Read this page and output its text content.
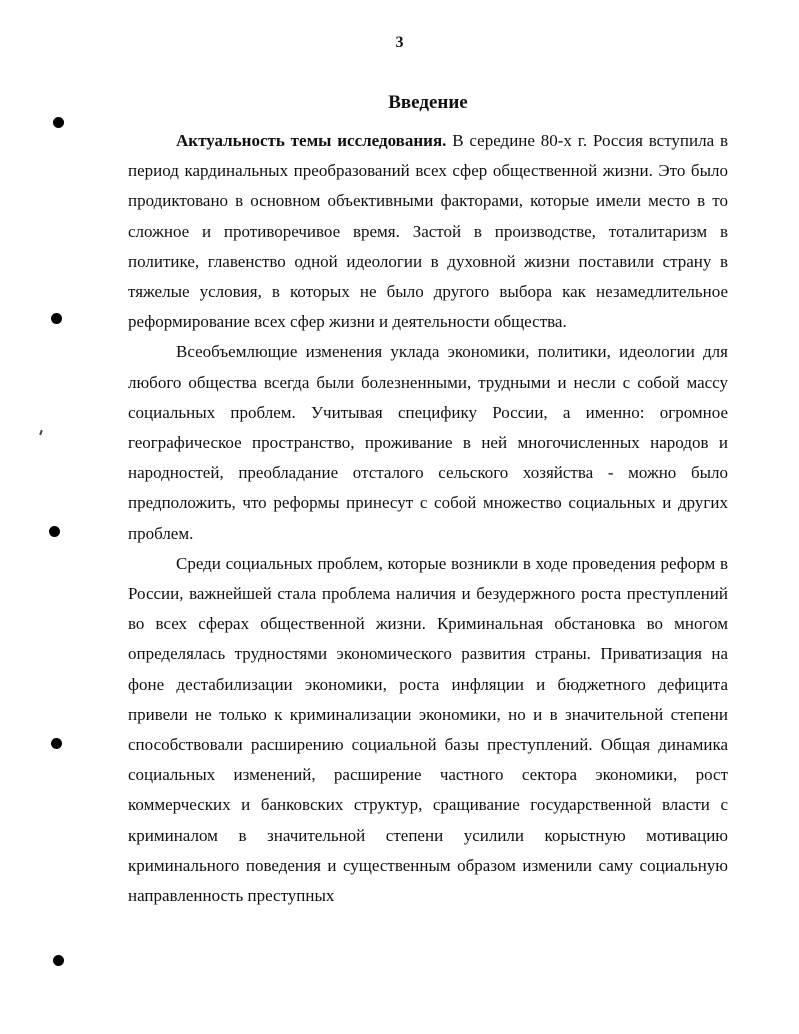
3
Введение

Актуальность темы исследования. В середине 80-х г. Россия вступила в период кардинальных преобразований всех сфер общественной жизни. Это было продиктовано в основном объективными факторами, которые имели место в то сложное и противоречивое время. Застой в производстве, тоталитаризм в политике, главенство одной идеологии в духовной жизни поставили страну в тяжелые условия, в которых не было другого выбора как незамедлительное реформирование всех сфер жизни и деятельности общества.

Всеобъемлющие изменения уклада экономики, политики, идеологии для любого общества всегда были болезненными, трудными и несли с собой массу социальных проблем. Учитывая специфику России, а именно: огромное географическое пространство, проживание в ней многочисленных народов и народностей, преобладание отсталого сельского хозяйства - можно было предположить, что реформы принесут с собой множество социальных и других проблем.

Среди социальных проблем, которые возникли в ходе проведения реформ в России, важнейшей стала проблема наличия и безудержного роста преступлений во всех сферах общественной жизни. Криминальная обстановка во многом определялась трудностями экономического развития страны. Приватизация на фоне дестабилизации экономики, роста инфляции и бюджетного дефицита привели не только к криминализации экономики, но и в значительной степени способствовали расширению социальной базы преступлений. Общая динамика социальных изменений, расширение частного сектора экономики, рост коммерческих и банковских структур, сращивание государственной власти с криминалом в значительной степени усилили корыстную мотивацию криминального поведения и существенным образом изменили саму социальную направленность преступных
